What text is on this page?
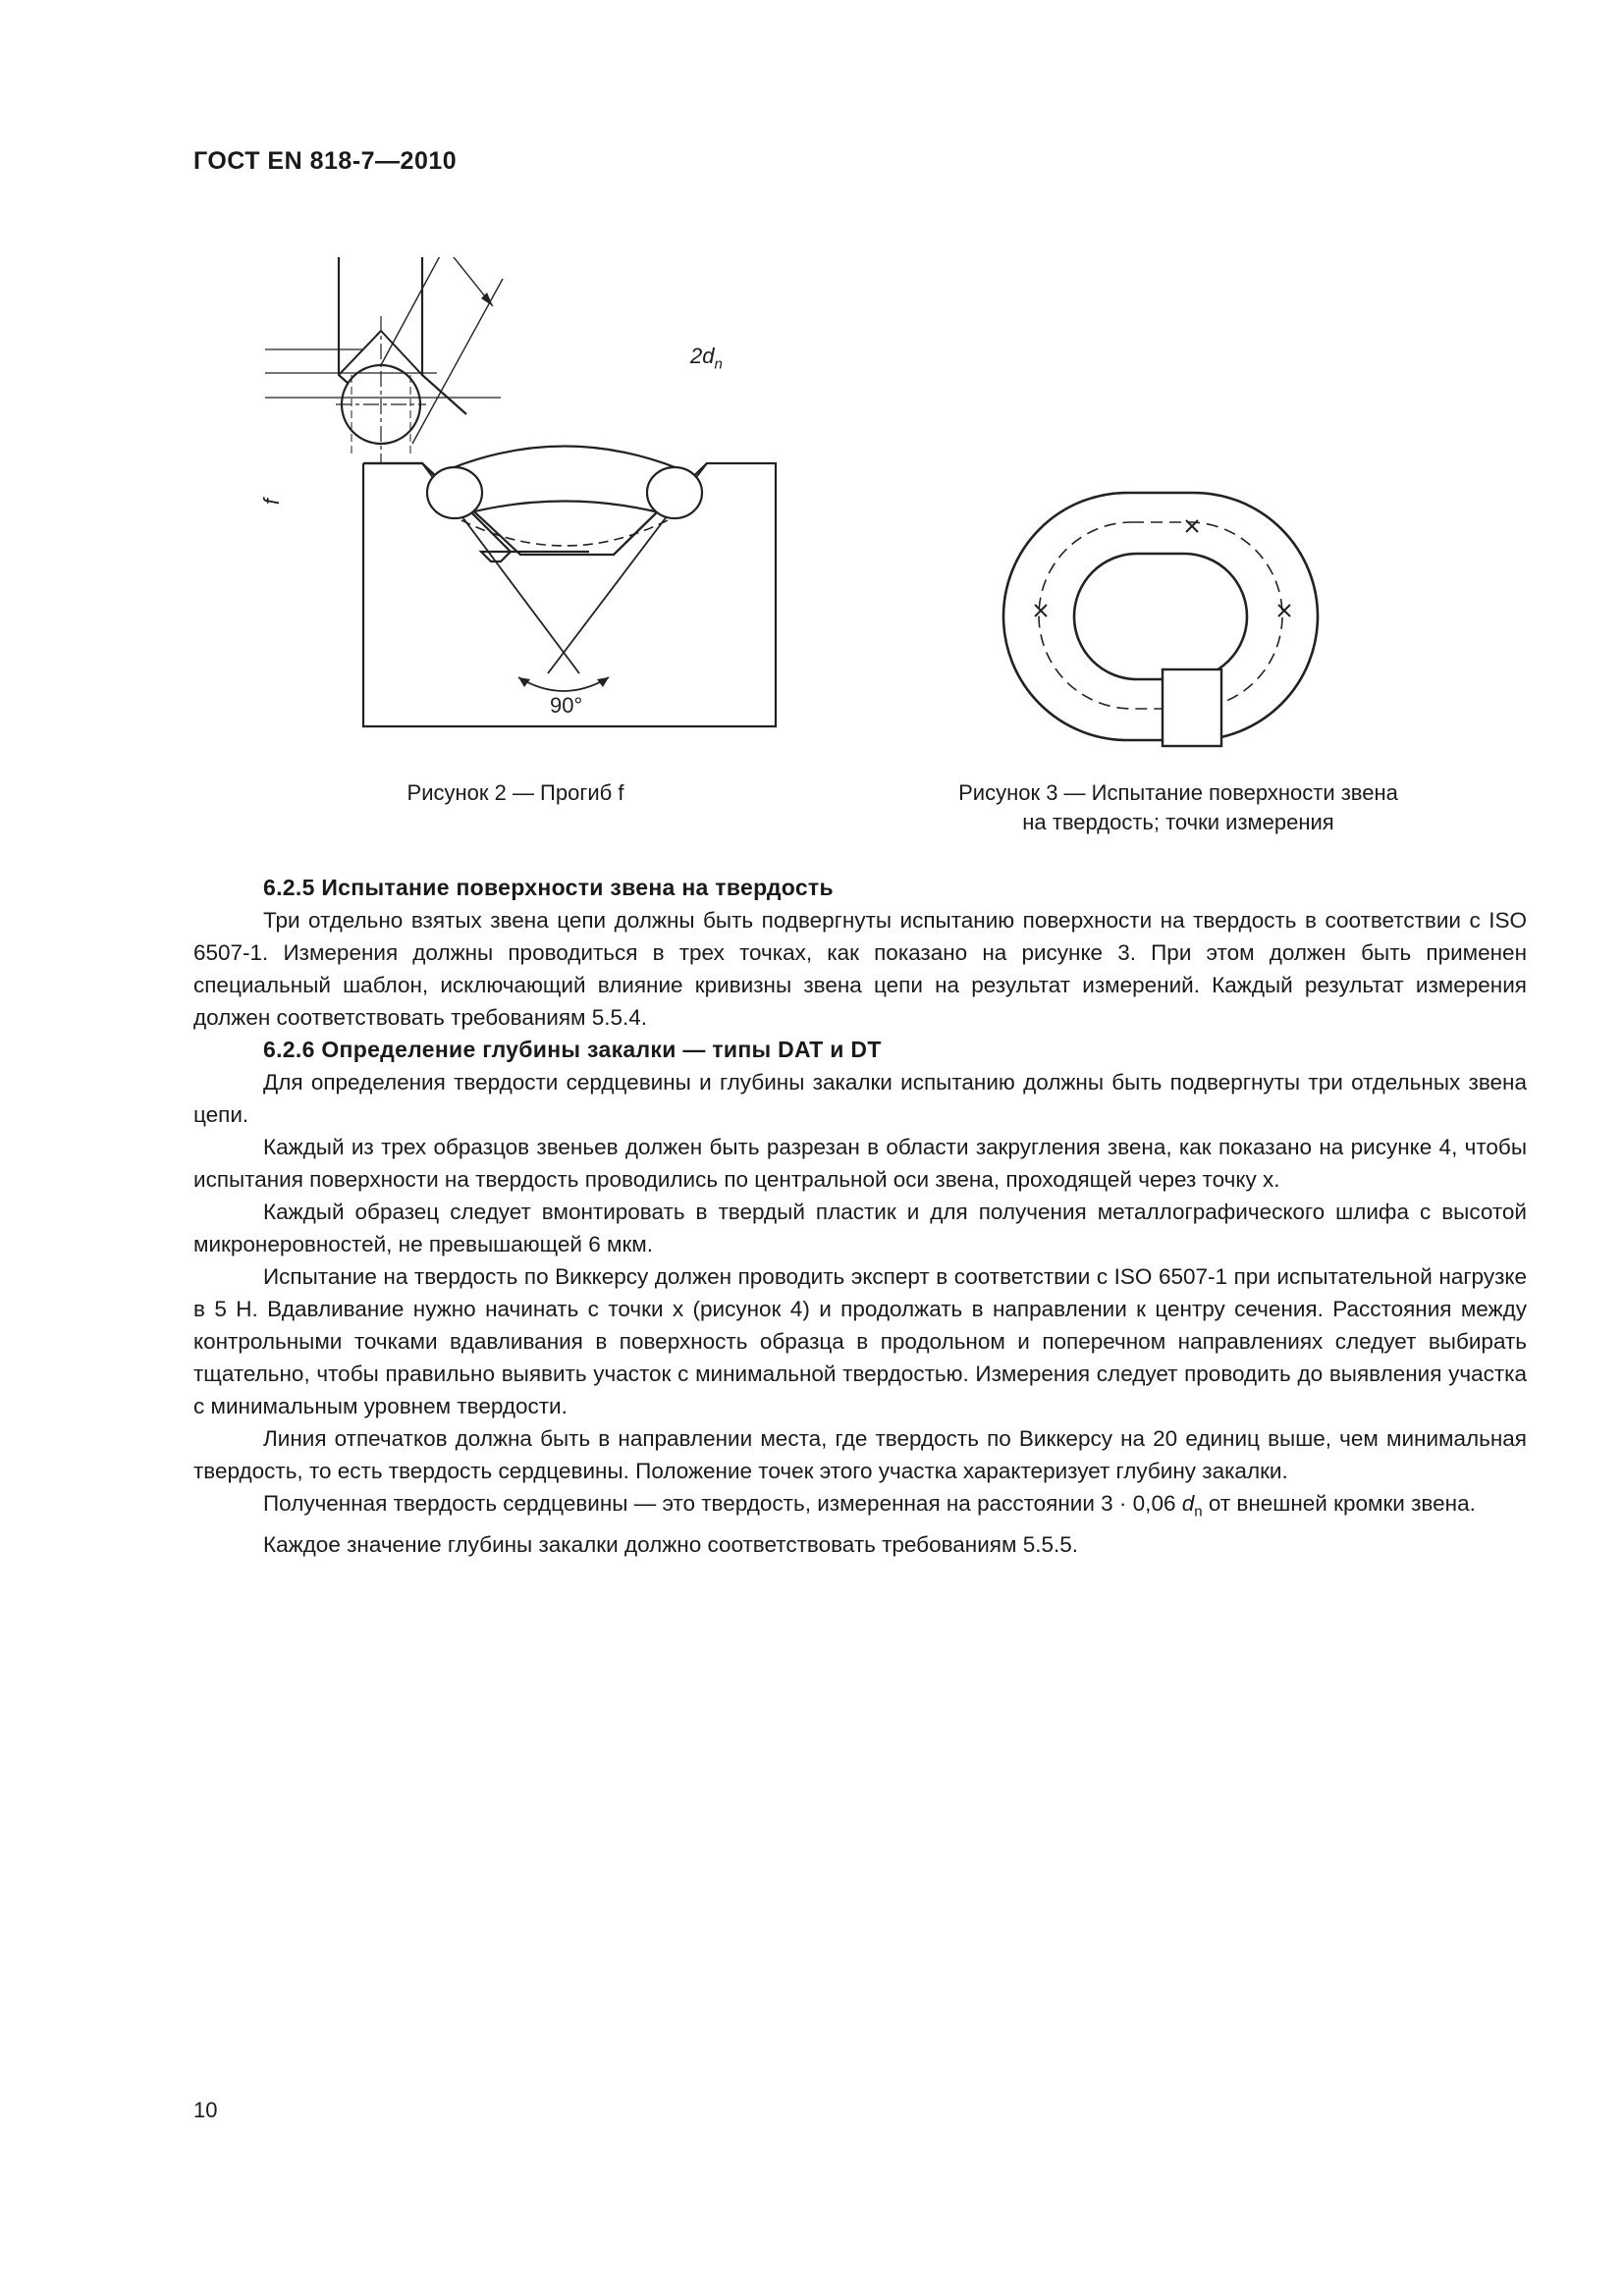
ГОСТ EN 818-7—2010
90°
$2d_n$
f
Рисунок 2 — Прогиб f	Рисунок 3 — Испытание поверхности звена
на твердость; точки измерения
6.2.5 Испытание поверхности звена на твердость

Три отдельно взятых звена цепи должны быть подвергнуты испытанию поверхности на твердость в соответствии с ISO 6507-1. Измерения должны проводиться в трех точках, как показано на рисунке 3. При этом должен быть применен специальный шаблон, исключающий влияние кривизны звена цепи на результат измерений. Каждый результат измерения должен соответствовать требованиям 5.5.4.

6.2.6 Определение глубины закалки — типы DAT и DT

Для определения твердости сердцевины и глубины закалки испытанию должны быть подвергнуты три отдельных звена цепи.

Каждый из трех образцов звеньев должен быть разрезан в области закругления звена, как показано на рисунке 4, чтобы испытания поверхности на твердость проводились по центральной оси звена, проходящей через точку x.

Каждый образец следует вмонтировать в твердый пластик и для получения металлографического шлифа с высотой микронеровностей, не превышающей 6 мкм.

Испытание на твердость по Виккерсу должен проводить эксперт в соответствии с ISO 6507-1 при испытательной нагрузке в 5 Н. Вдавливание нужно начинать с точки x (рисунок 4) и продолжать в направлении к центру сечения. Расстояния между контрольными точками вдавливания в поверхность образца в продольном и поперечном направлениях следует выбирать тщательно, чтобы правильно выявить участок с минимальной твердостью. Измерения следует проводить до выявления участка с минимальным уровнем твердости.

Линия отпечатков должна быть в направлении места, где твердость по Виккерсу на 20 единиц выше, чем минимальная твердость, то есть твердость сердцевины. Положение точек этого участка характеризует глубину закалки.

Полученная твердость сердцевины — это твердость, измеренная на расстоянии 3 · 0,06 $d_n$ от внешней кромки звена.

Каждое значение глубины закалки должно соответствовать требованиям 5.5.5.

10
